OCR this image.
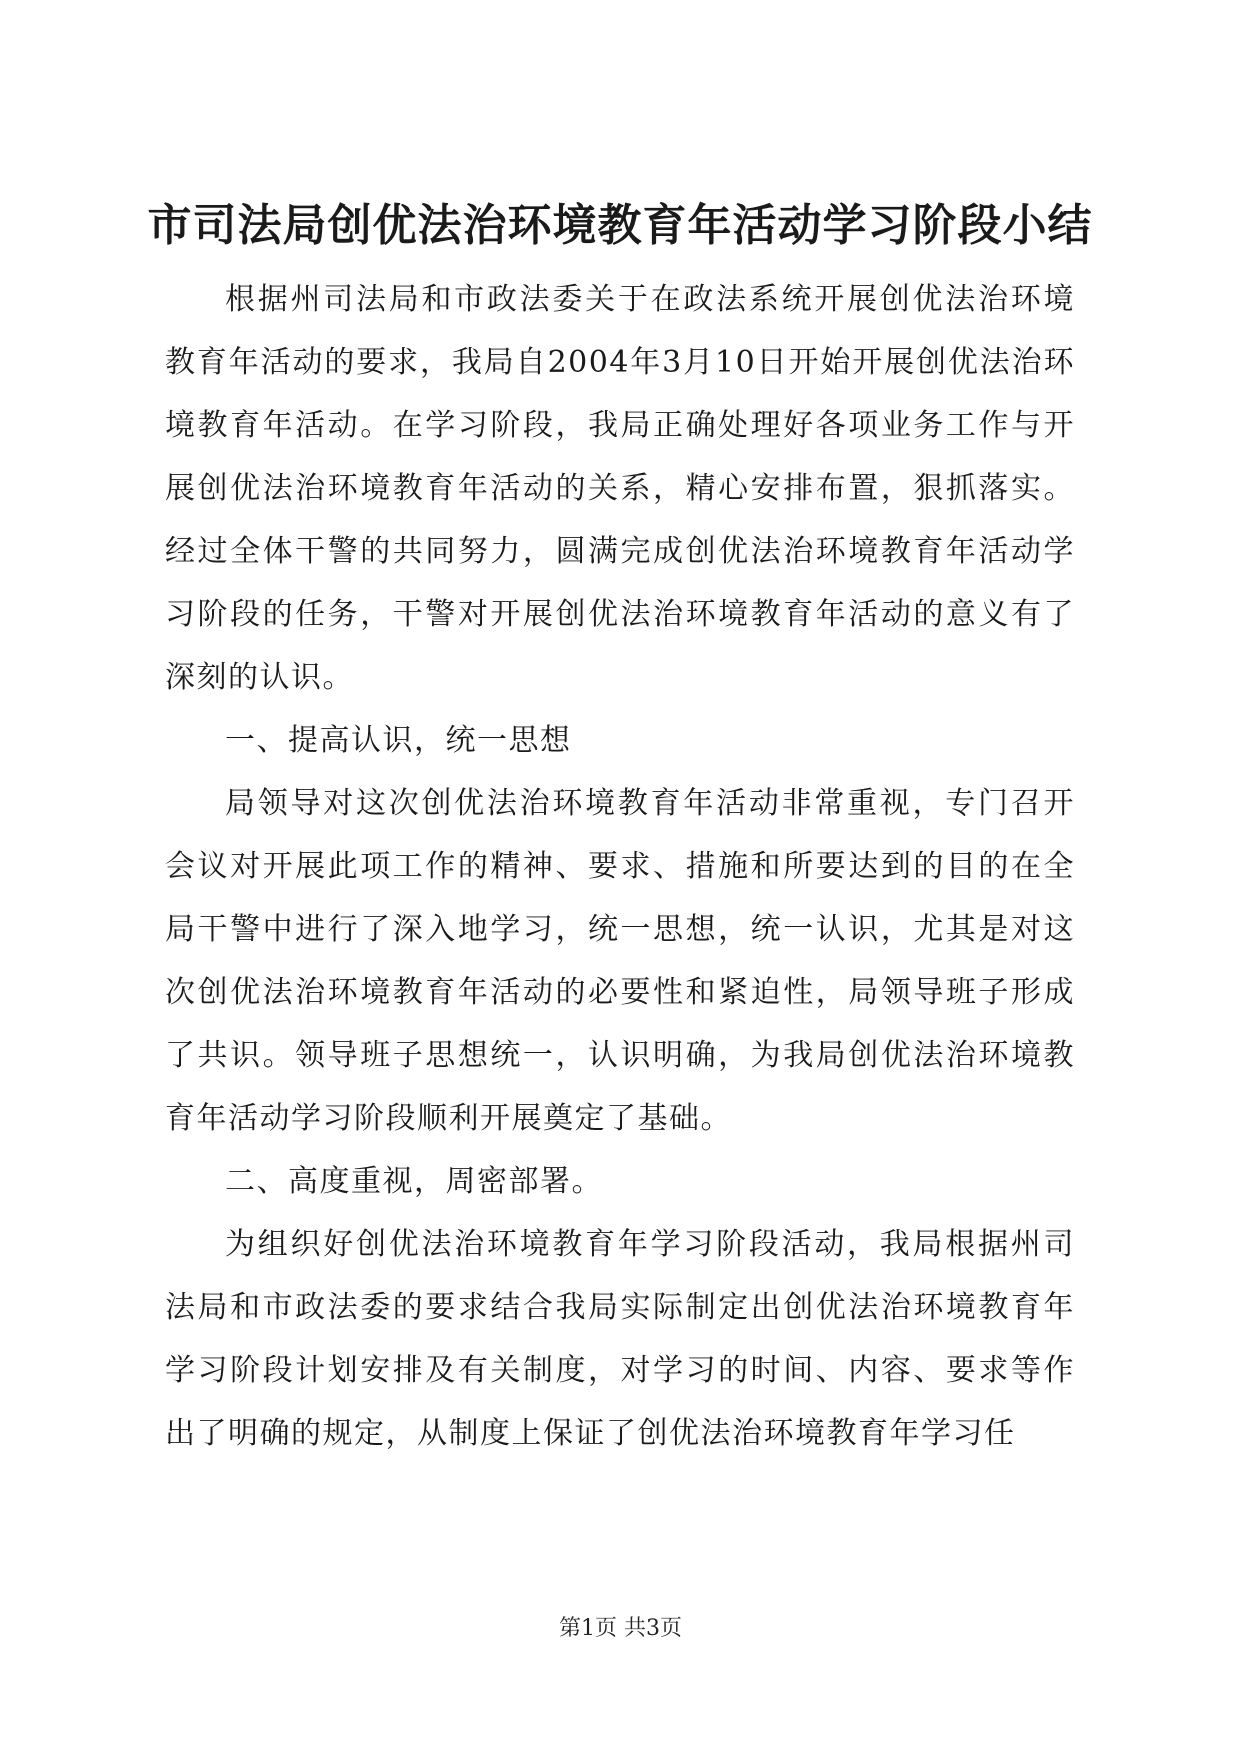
市司法局创优法治环境教育年活动学习阶段小结

根据州司法局和市政法委关于在政法系统开展创优法治环境教育年活动的要求，我局自2004年3月10日开始开展创优法治环境教育年活动。在学习阶段，我局正确处理好各项业务工作与开展创优法治环境教育年活动的关系，精心安排布置，狠抓落实。经过全体干警的共同努力，圆满完成创优法治环境教育年活动学习阶段的任务，干警对开展创优法治环境教育年活动的意义有了深刻的认识。

一、提高认识，统一思想

局领导对这次创优法治环境教育年活动非常重视，专门召开会议对开展此项工作的精神、要求、措施和所要达到的目的在全局干警中进行了深入地学习，统一思想，统一认识，尤其是对这次创优法治环境教育年活动的必要性和紧迫性，局领导班子形成了共识。领导班子思想统一，认识明确，为我局创优法治环境教育年活动学习阶段顺利开展奠定了基础。

二、高度重视，周密部署。

为组织好创优法治环境教育年学习阶段活动，我局根据州司法局和市政法委的要求结合我局实际制定出创优法治环境教育年学习阶段计划安排及有关制度，对学习的时间、内容、要求等作出了明确的规定，从制度上保证了创优法治环境教育年学习任

第1页 共3页
